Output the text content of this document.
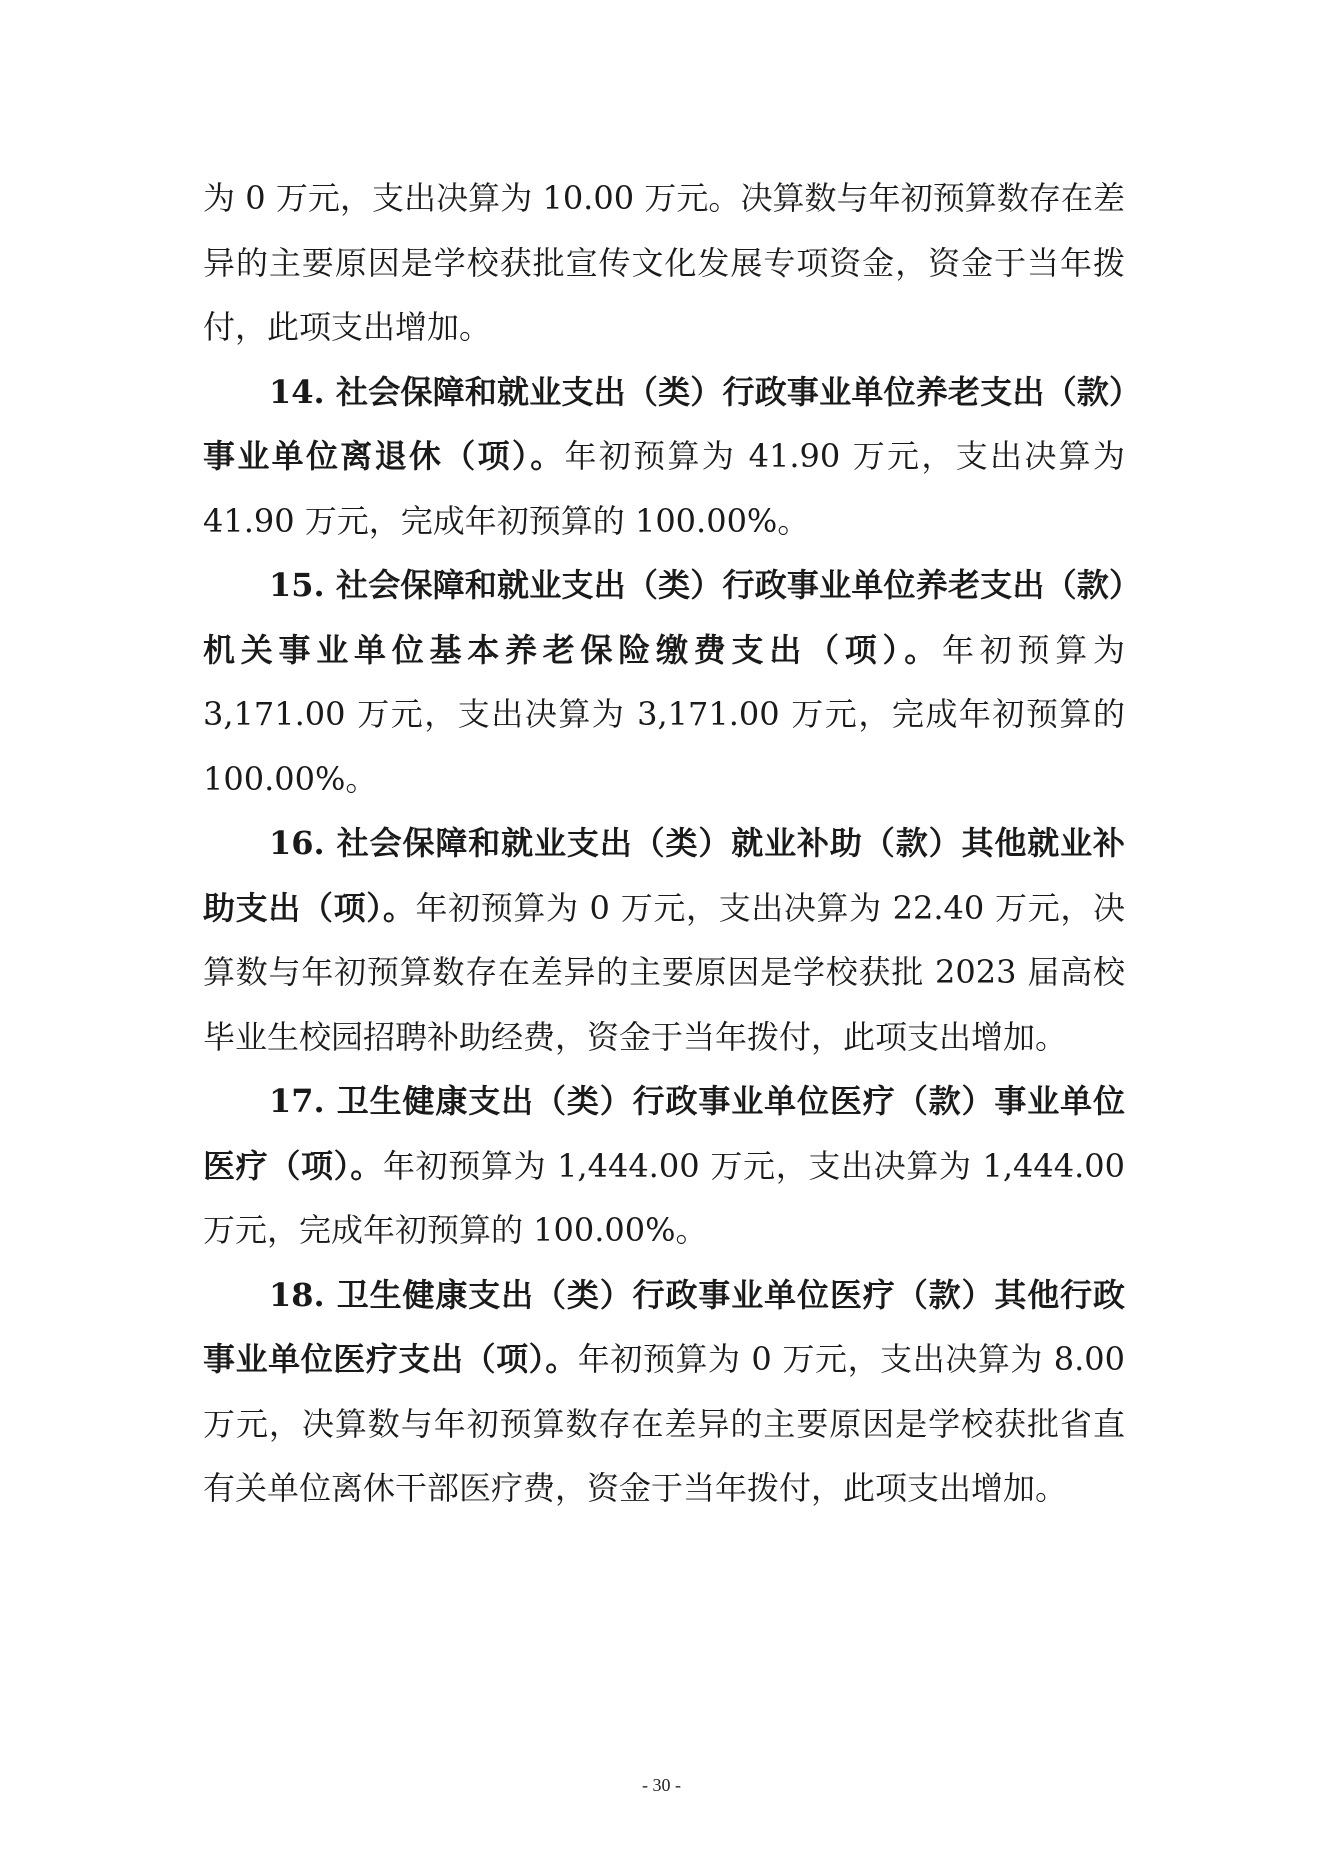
为 0 万元，支出决算为 10.00 万元。决算数与年初预算数存在差异的主要原因是学校获批宣传文化发展专项资金，资金于当年拨付，此项支出增加。

14. 社会保障和就业支出（类）行政事业单位养老支出（款）事业单位离退休（项）。年初预算为 41.90 万元，支出决算为 41.90 万元，完成年初预算的 100.00%。

15. 社会保障和就业支出（类）行政事业单位养老支出（款）机关事业单位基本养老保险缴费支出（项）。年初预算为 3,171.00 万元，支出决算为 3,171.00 万元，完成年初预算的 100.00%。

16. 社会保障和就业支出（类）就业补助（款）其他就业补助支出（项）。年初预算为 0 万元，支出决算为 22.40 万元，决算数与年初预算数存在差异的主要原因是学校获批 2023 届高校毕业生校园招聘补助经费，资金于当年拨付，此项支出增加。

17. 卫生健康支出（类）行政事业单位医疗（款）事业单位医疗（项）。年初预算为 1,444.00 万元，支出决算为 1,444.00 万元，完成年初预算的 100.00%。

18. 卫生健康支出（类）行政事业单位医疗（款）其他行政事业单位医疗支出（项）。年初预算为 0 万元，支出决算为 8.00 万元，决算数与年初预算数存在差异的主要原因是学校获批省直有关单位离休干部医疗费，资金于当年拨付，此项支出增加。

- 30 -
